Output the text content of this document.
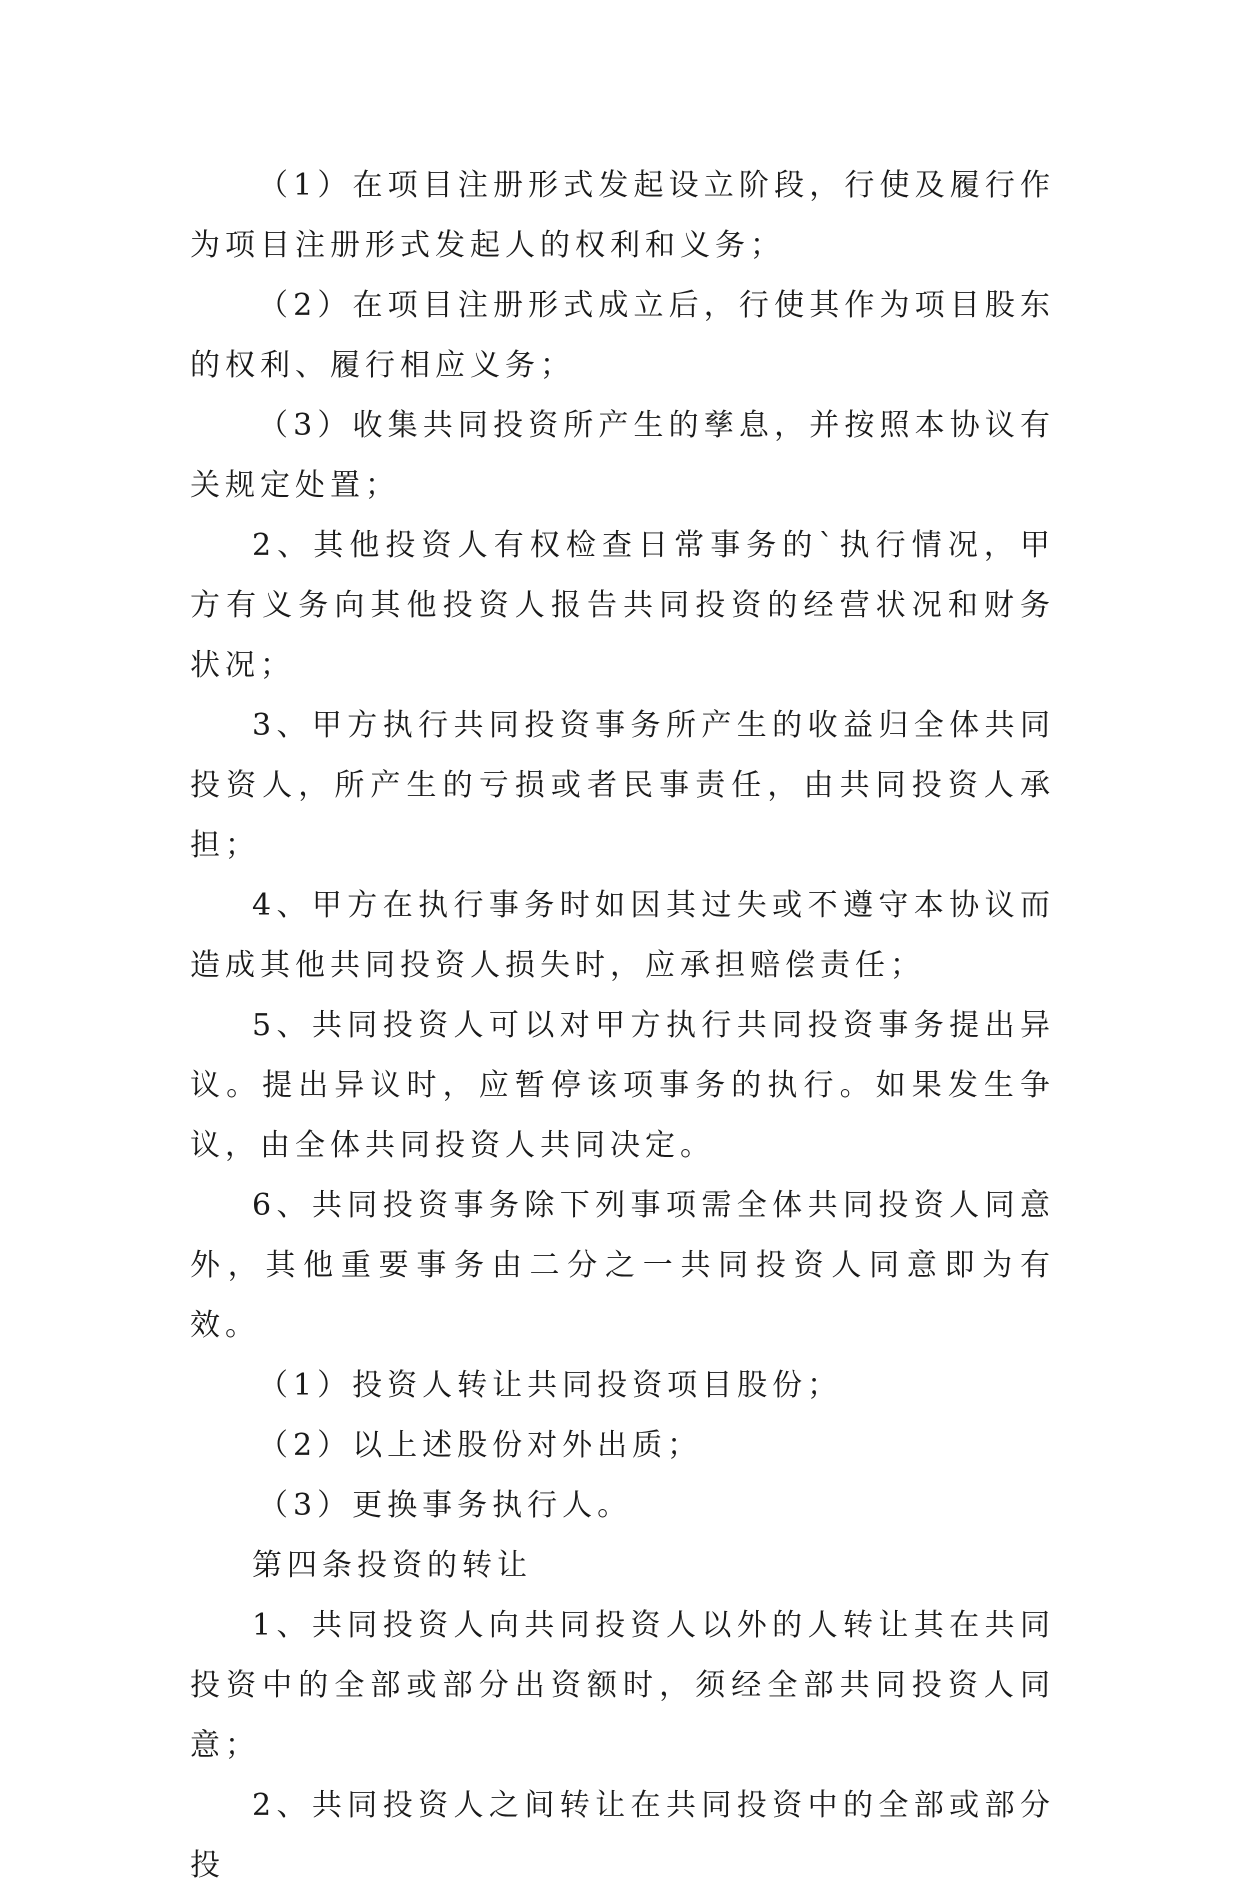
（1）在项目注册形式发起设立阶段，行使及履行作为项目注册形式发起人的权利和义务；

（2）在项目注册形式成立后，行使其作为项目股东的权利、履行相应义务；

（3）收集共同投资所产生的孳息，并按照本协议有关规定处置；

2、其他投资人有权检查日常事务的`执行情况，甲方有义务向其他投资人报告共同投资的经营状况和财务状况；

3、甲方执行共同投资事务所产生的收益归全体共同投资人，所产生的亏损或者民事责任，由共同投资人承担；

4、甲方在执行事务时如因其过失或不遵守本协议而造成其他共同投资人损失时，应承担赔偿责任；

5、共同投资人可以对甲方执行共同投资事务提出异议。提出异议时，应暂停该项事务的执行。如果发生争议，由全体共同投资人共同决定。

6、共同投资事务除下列事项需全体共同投资人同意外，其他重要事务由二分之一共同投资人同意即为有效。

（1）投资人转让共同投资项目股份；

（2）以上述股份对外出质；

（3）更换事务执行人。

第四条投资的转让

1、共同投资人向共同投资人以外的人转让其在共同投资中的全部或部分出资额时，须经全部共同投资人同意；

2、共同投资人之间转让在共同投资中的全部或部分投
